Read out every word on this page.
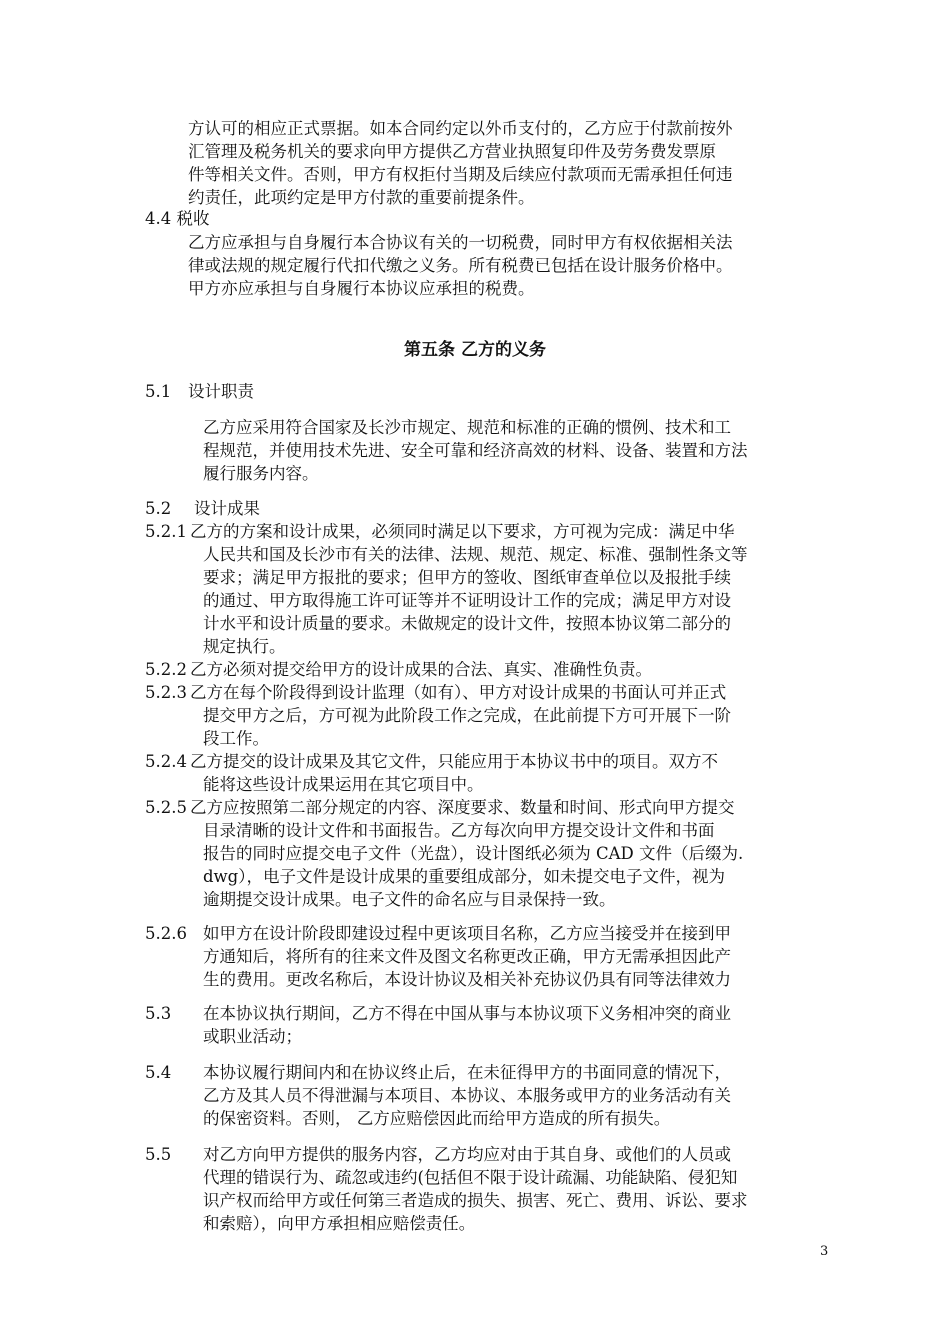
方认可的相应正式票据。如本合同约定以外币支付的，乙方应于付款前按外
汇管理及税务机关的要求向甲方提供乙方营业执照复印件及劳务费发票原
件等相关文件。否则，甲方有权拒付当期及后续应付款项而无需承担任何违
约责任，此项约定是甲方付款的重要前提条件。
4.4 税收
乙方应承担与自身履行本合协议有关的一切税费，同时甲方有权依据相关法
律或法规的规定履行代扣代缴之义务。所有税费已包括在设计服务价格中。
甲方亦应承担与自身履行本协议应承担的税费。
第五条 乙方的义务
5.1 设计职责
乙方应采用符合国家及长沙市规定、规范和标准的正确的惯例、技术和工
程规范，并使用技术先进、安全可靠和经济高效的材料、设备、装置和方法
履行服务内容。
5.2 设计成果
5.2.1 乙方的方案和设计成果，必须同时满足以下要求，方可视为完成：满足中华
人民共和国及长沙市有关的法律、法规、规范、规定、标准、强制性条文等
要求；满足甲方报批的要求；但甲方的签收、图纸审查单位以及报批手续
的通过、甲方取得施工许可证等并不证明设计工作的完成；满足甲方对设
计水平和设计质量的要求。未做规定的设计文件，按照本协议第二部分的
规定执行。
5.2.2 乙方必须对提交给甲方的设计成果的合法、真实、准确性负责。
5.2.3 乙方在每个阶段得到设计监理（如有）、甲方对设计成果的书面认可并正式
提交甲方之后，方可视为此阶段工作之完成，在此前提下方可开展下一阶
段工作。
5.2.4 乙方提交的设计成果及其它文件，只能应用于本协议书中的项目。双方不
能将这些设计成果运用在其它项目中。
5.2.5 乙方应按照第二部分规定的内容、深度要求、数量和时间、形式向甲方提交
目录清晰的设计文件和书面报告。乙方每次向甲方提交设计文件和书面
报告的同时应提交电子文件（光盘），设计图纸必须为 CAD 文件（后缀为.
dwg），电子文件是设计成果的重要组成部分，如未提交电子文件，视为
逾期提交设计成果。电子文件的命名应与目录保持一致。
5.2.6 如甲方在设计阶段即建设过程中更该项目名称，乙方应当接受并在接到甲
方通知后，将所有的往来文件及图文名称更改正确，甲方无需承担因此产
生的费用。更改名称后，本设计协议及相关补充协议仍具有同等法律效力
5.3 在本协议执行期间，乙方不得在中国从事与本协议项下义务相冲突的商业
或职业活动；
5.4 本协议履行期间内和在协议终止后，在未征得甲方的书面同意的情况下，
乙方及其人员不得泄漏与本项目、本协议、本服务或甲方的业务活动有关
的保密资料。否则， 乙方应赔偿因此而给甲方造成的所有损失。
5.5 对乙方向甲方提供的服务内容，乙方均应对由于其自身、或他们的人员或
代理的错误行为、疏忽或违约(包括但不限于设计疏漏、功能缺陷、侵犯知
识产权而给甲方或任何第三者造成的损失、损害、死亡、费用、诉讼、要求
和索赔），向甲方承担相应赔偿责任。
3
